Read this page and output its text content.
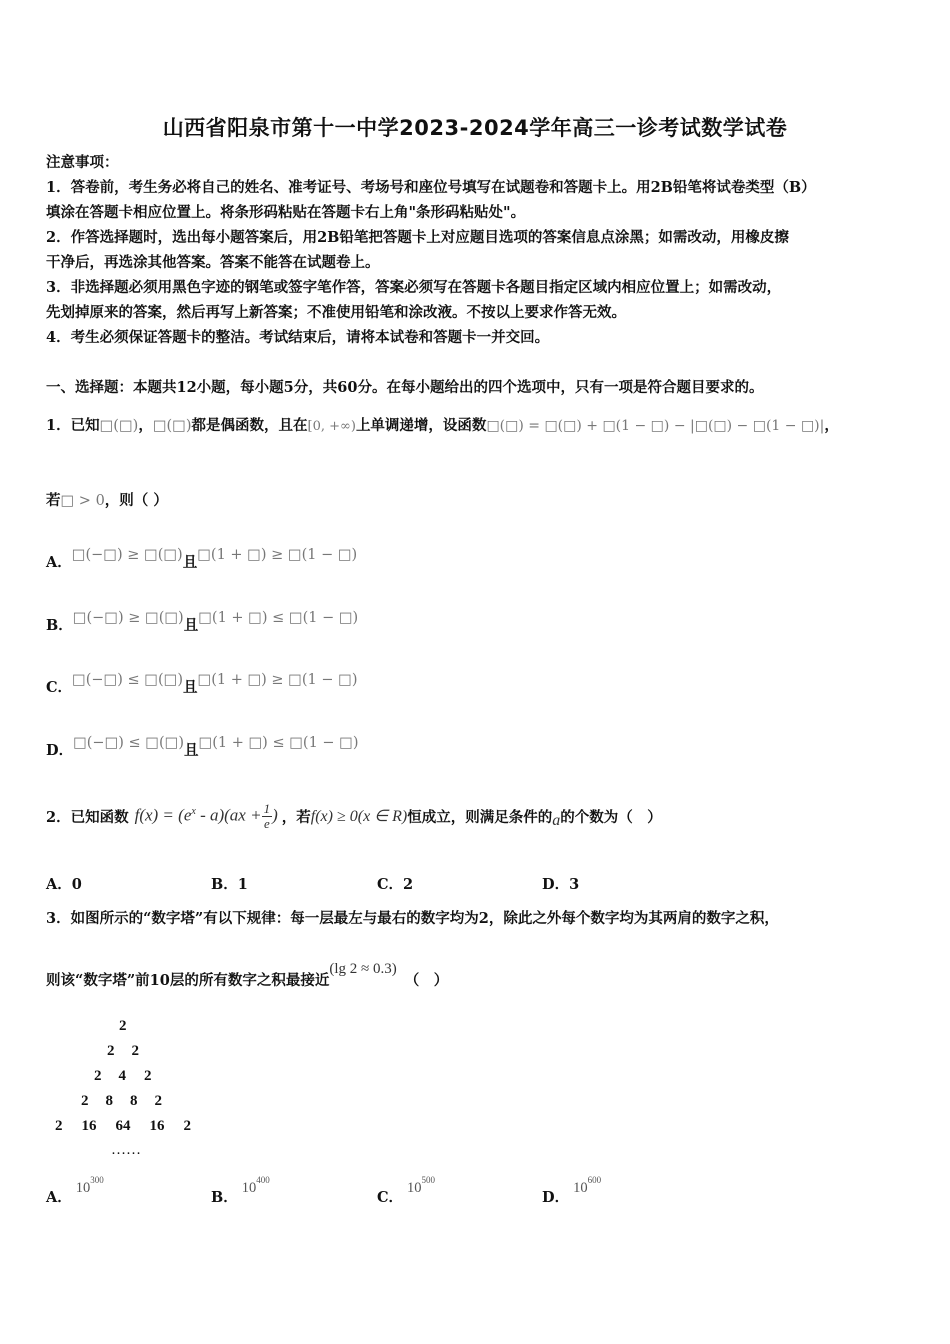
山西省阳泉市第十一中学2023-2024学年高三一诊考试数学试卷
注意事项：
1．答卷前，考生务必将自己的姓名、准考证号、考场号和座位号填写在试题卷和答题卡上。用2B铅笔将试卷类型（B）
填涂在答题卡相应位置上。将条形码粘贴在答题卡右上角"条形码粘贴处"。
2．作答选择题时，选出每小题答案后，用2B铅笔把答题卡上对应题目选项的答案信息点涂黑；如需改动，用橡皮擦
干净后，再选涂其他答案。答案不能答在试题卷上。
3．非选择题必须用黑色字迹的钢笔或签字笔作答，答案必须写在答题卡各题目指定区域内相应位置上；如需改动，
先划掉原来的答案，然后再写上新答案；不准使用铅笔和涂改液。不按以上要求作答无效。
4．考生必须保证答题卡的整洁。考试结束后，请将本试卷和答题卡一并交回。
一、选择题：本题共12小题，每小题5分，共60分。在每小题给出的四个选项中，只有一项是符合题目要求的。
1．已知□(□)，□(□)都是偶函数，且在[0, +∞)上单调递增，设函数□(□) = □(□) + □(1 − □) − |□(□) − □(1 − □)|，
若□ > 0，则（ ）
A．□(−□) ≥ □(□)且□(1 + □) ≥ □(1 − □)
B．□(−□) ≥ □(□)且□(1 + □) ≤ □(1 − □)
C．□(−□) ≤ □(□)且□(1 + □) ≥ □(1 − □)
D．□(−□) ≤ □(□)且□(1 + □) ≤ □(1 − □)
2．已知函数 $f(x) = (e^x - a)(ax + \frac{1}{e}$ ) ，若 f(x) ≥ 0(x ∈ R) 恒成立，则满足条件的 a 的个数为（　）
A．0	B．1	C．2	D．3
3．如图所示的“数字塔”有以下规律：每一层最左与最右的数字均为2，除此之外每个数字均为其两肩的数字之积，
则该“数字塔”前10层的所有数字之积最接近(lg 2 ≈ 0.3)（　）
2
2 2
2 4 2
2 8 8 2
2 16 64 16 2
……
A．$10^{300}$
B．$10^{400}$
C．$10^{500}$
D．$10^{600}$
